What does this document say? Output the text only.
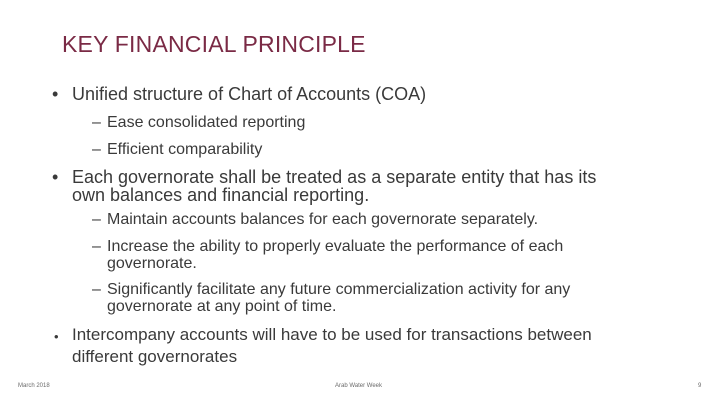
KEY FINANCIAL PRINCIPLE
• Unified structure of Chart of Accounts (COA)
– Ease consolidated reporting
– Efficient comparability
• Each governorate shall be treated as a separate entity that has its
own balances and financial reporting.
– Maintain accounts balances for each governorate separately.
– Increase the ability to properly evaluate the performance of each
governorate.
– Significantly facilitate any future commercialization activity for any
governorate at any point of time.
• Intercompany accounts will have to be used for transactions between
different governorates
March 2018	Arab Water Week	9
